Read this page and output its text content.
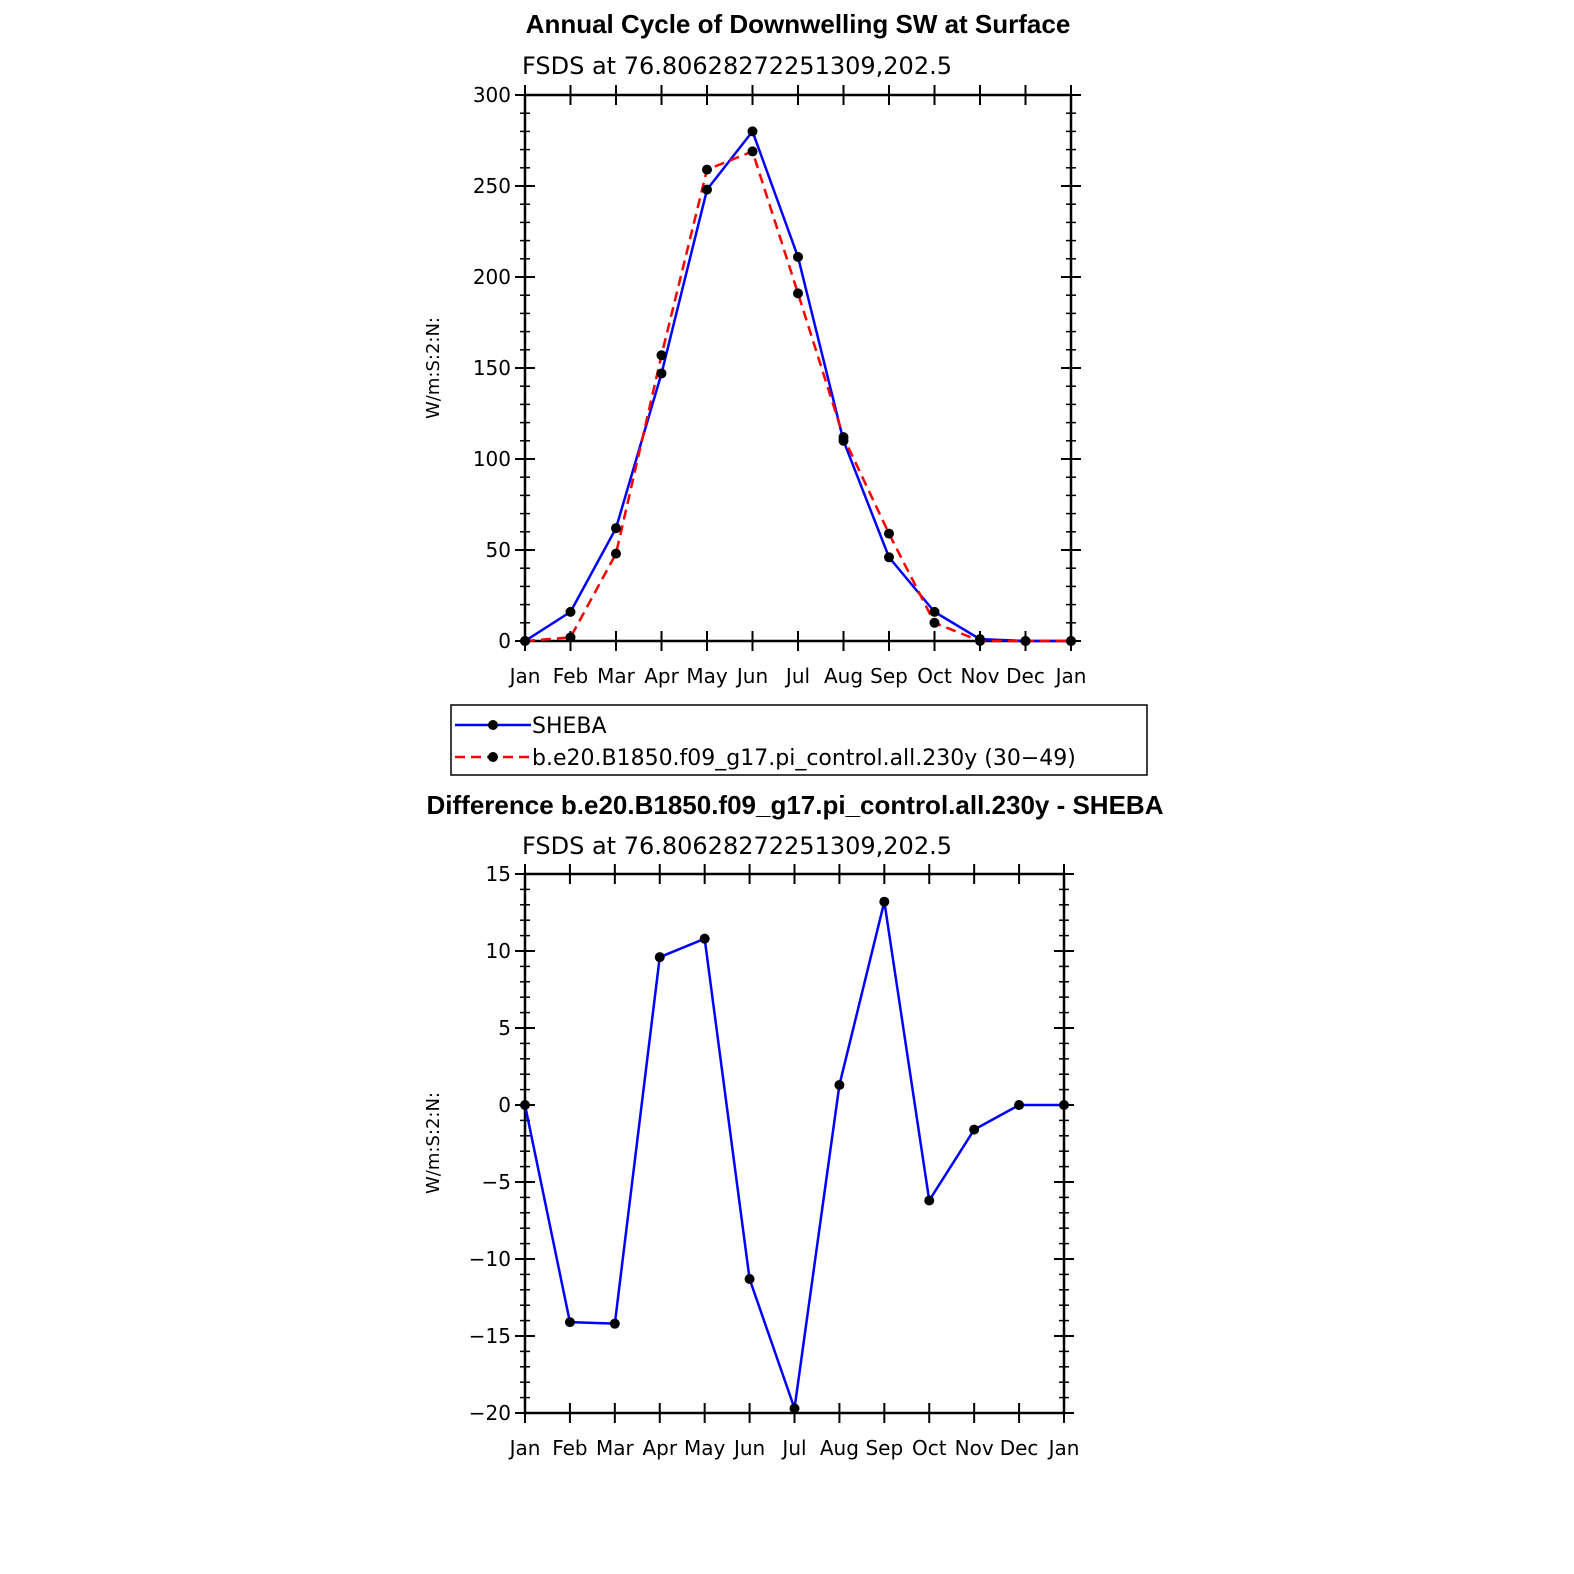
Annual Cycle of Downwelling SW at Surface
FSDS at 76.80628272251309,202.5
W/m:S:2:N:
0
50
100
150
200
250
300
Jan Feb Mar Apr May Jun Jul Aug Sep Oct Nov Dec Jan
SHEBA
b.e20.B1850.f09_g17.pi_control.all.230y (30−49)
Difference b.e20.B1850.f09_g17.pi_control.all.230y - SHEBA
FSDS at 76.80628272251309,202.5
W/m:S:2:N:
−20
−15
−10
−5
0
5
10
15
Jan Feb Mar Apr May Jun Jul Aug Sep Oct Nov Dec Jan
